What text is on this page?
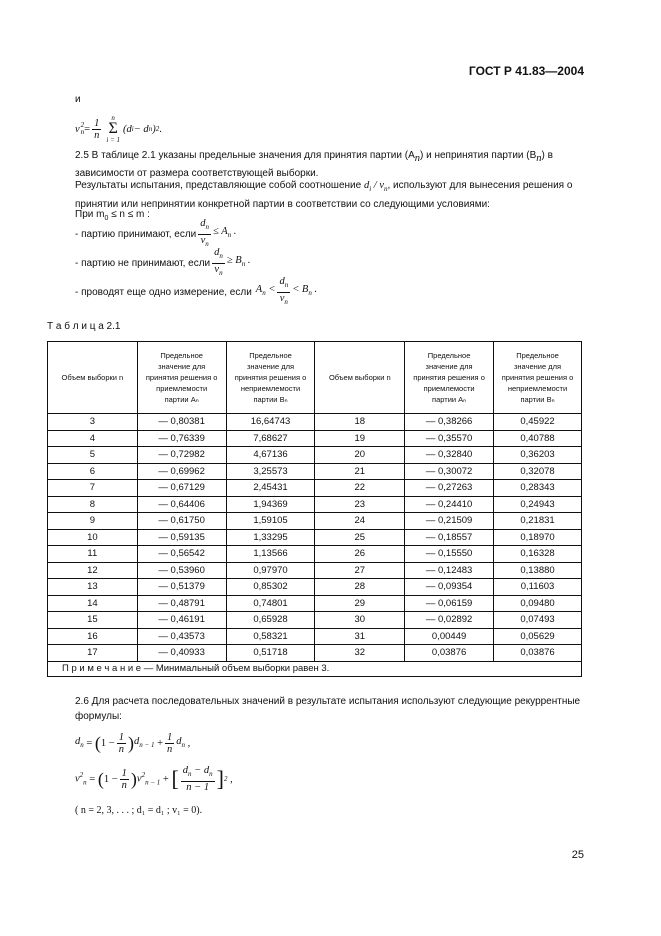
ГОСТ Р 41.83—2004
и
v 2
$n = \frac{1}{n}$ n
Σ
i = 1
(d i − d n ) 2 .
2.5 В таблице 2.1 указаны предельные значения для принятия партии $(A_n)$ и непринятия партии $(B_n)$ в зависимости от размера соответствующей выборки.
Результаты испытания, представляющие собой соотношение $d_i / v_n$, используют для вынесения решения о принятии или непринятии конкретной партии в соответствии со следующими условиями:
При $m_0 \le n \le m$ :
- партию принимают, если $\frac{d_n}{v_n} \le A_n$ .
- партию не принимают, если $\frac{d_n}{v_n} \ge B_n$ .
- проводят еще одно измерение, если $A_n < \frac{d_n}{v_n} < B_n$ .
Т а б л и ц а 2.1
Объем выборки n	Предельное значение для принятия решения о приемлемости партии Aₙ	Предельное значение для принятия решения о неприемлемости партии Bₙ	Объем выборки n	Предельное значение для принятия решения о приемлемости партии Aₙ	Предельное значение для принятия решения о неприемлемости партии Bₙ
3	— 0,80381	16,64743	18	— 0,38266	0,45922
4	— 0,76339	7,68627	19	— 0,35570	0,40788
5	— 0,72982	4,67136	20	— 0,32840	0,36203
6	— 0,69962	3,25573	21	— 0,30072	0,32078
7	— 0,67129	2,45431	22	— 0,27263	0,28343
8	— 0,64406	1,94369	23	— 0,24410	0,24943
9	— 0,61750	1,59105	24	— 0,21509	0,21831
10	— 0,59135	1,33295	25	— 0,18557	0,18970
11	— 0,56542	1,13566	26	— 0,15550	0,16328
12	— 0,53960	0,97970	27	— 0,12483	0,13880
13	— 0,51379	0,85302	28	— 0,09354	0,11603
14	— 0,48791	0,74801	29	— 0,06159	0,09480
15	— 0,46191	0,65928	30	— 0,02892	0,07493
16	— 0,43573	0,58321	31	0,00449	0,05629
17	— 0,40933	0,51718	32	0,03876	0,03876
П р и м е ч а н и е — Минимальный объем выборки равен 3.					
2.6 Для расчета последовательных значений в результате испытания используют следующие рекуррентные формулы:
$d_n$ = ( $1 - \frac{1}{n}$ ) $d_{n - 1} + \frac{1}{n} d_n$ ,
$v^2_n$ = ( $1 - \frac{1}{n}$ ) $v^2_{n - 1}$ + [ $\frac{d_n - d_n}{n - 1}$ ] 2 ,
( n = 2, 3, . . . ; d₁ = d₁ ; v₁ = 0).
25
